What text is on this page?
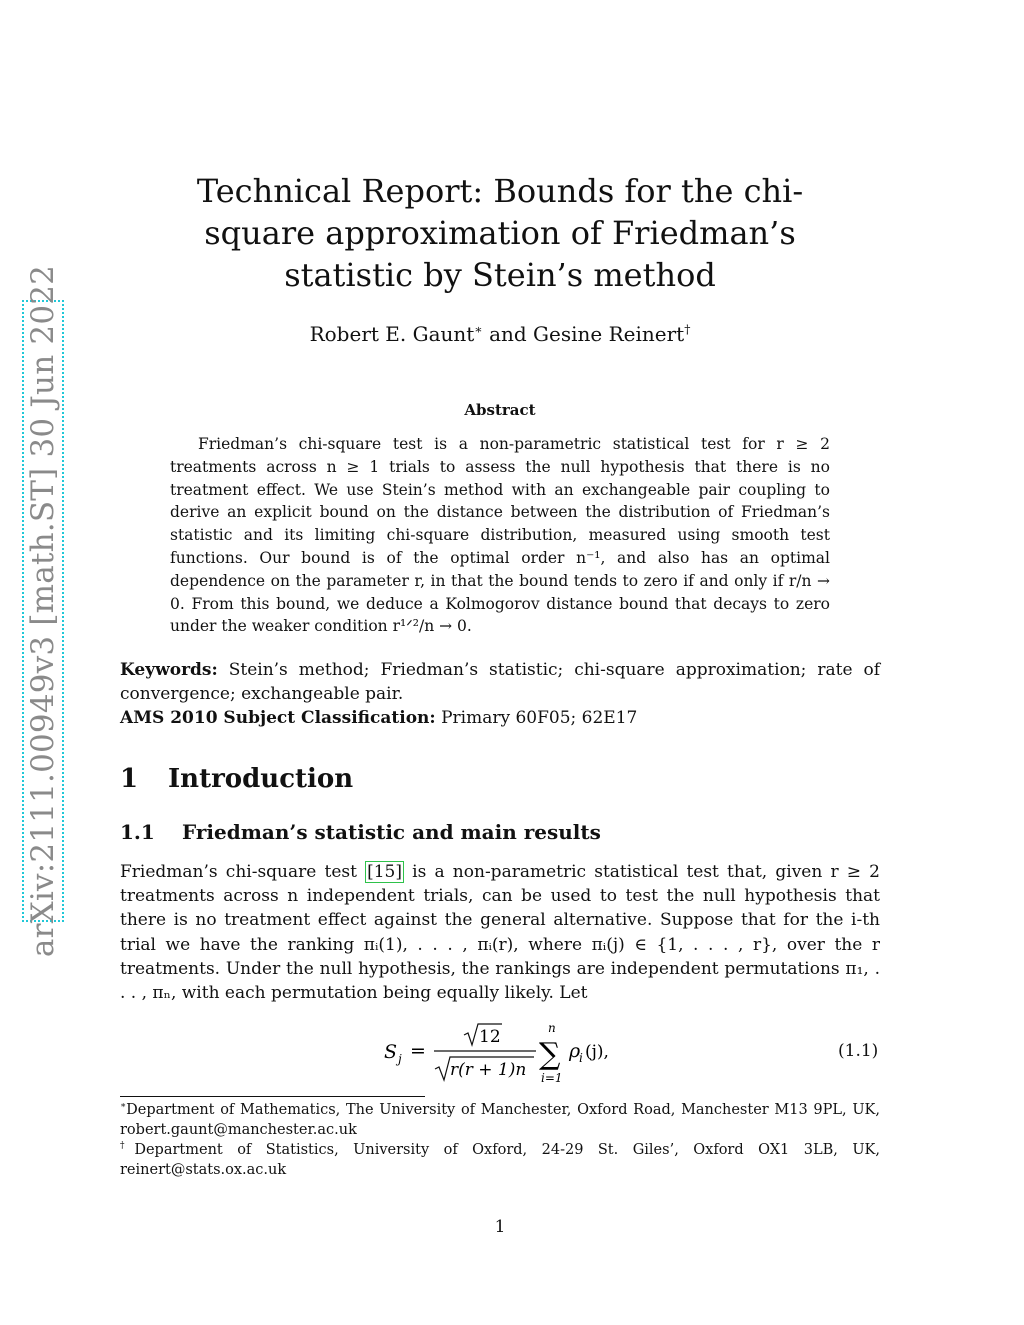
arXiv:2111.00949v3 [math.ST] 30 Jun 2022
Technical Report: Bounds for the chi-square approximation of Friedman’s statistic by Stein’s method
Robert E. Gaunt∗ and Gesine Reinert†
Abstract

Friedman’s chi-square test is a non-parametric statistical test for r ≥ 2 treatments across n ≥ 1 trials to assess the null hypothesis that there is no treatment effect. We use Stein’s method with an exchangeable pair coupling to derive an explicit bound on the distance between the distribution of Friedman’s statistic and its limiting chi-square distribution, measured using smooth test functions. Our bound is of the optimal order n⁻¹, and also has an optimal dependence on the parameter r, in that the bound tends to zero if and only if r/n → 0. From this bound, we deduce a Kolmogorov distance bound that decays to zero under the weaker condition r¹ᐟ²/n → 0.

Keywords: Stein’s method; Friedman’s statistic; chi-square approximation; rate of convergence; exchangeable pair.

AMS 2010 Subject Classification: Primary 60F05; 62E17

1 Introduction
1.1 Friedman’s statistic and main results

Friedman’s chi-square test [15] is a non-parametric statistical test that, given r ≥ 2 treatments across n independent trials, can be used to test the null hypothesis that there is no treatment effect against the general alternative. Suppose that for the i-th trial we have the ranking πᵢ(1), . . . , πᵢ(r), where πᵢ(j) ∈ {1, . . . , r}, over the r treatments. Under the null hypothesis, the rankings are independent permutations π₁, . . . , πₙ, with each permutation being equally likely. Let

S j =
12
r(r + 1)n
n
∑
i=1
ρ
i (j),	(1.1)

∗Department of Mathematics, The University of Manchester, Oxford Road, Manchester M13 9PL, UK, robert.gaunt@manchester.ac.uk

†Department of Statistics, University of Oxford, 24-29 St. Giles’, Oxford OX1 3LB, UK, reinert@stats.ox.ac.uk

1
